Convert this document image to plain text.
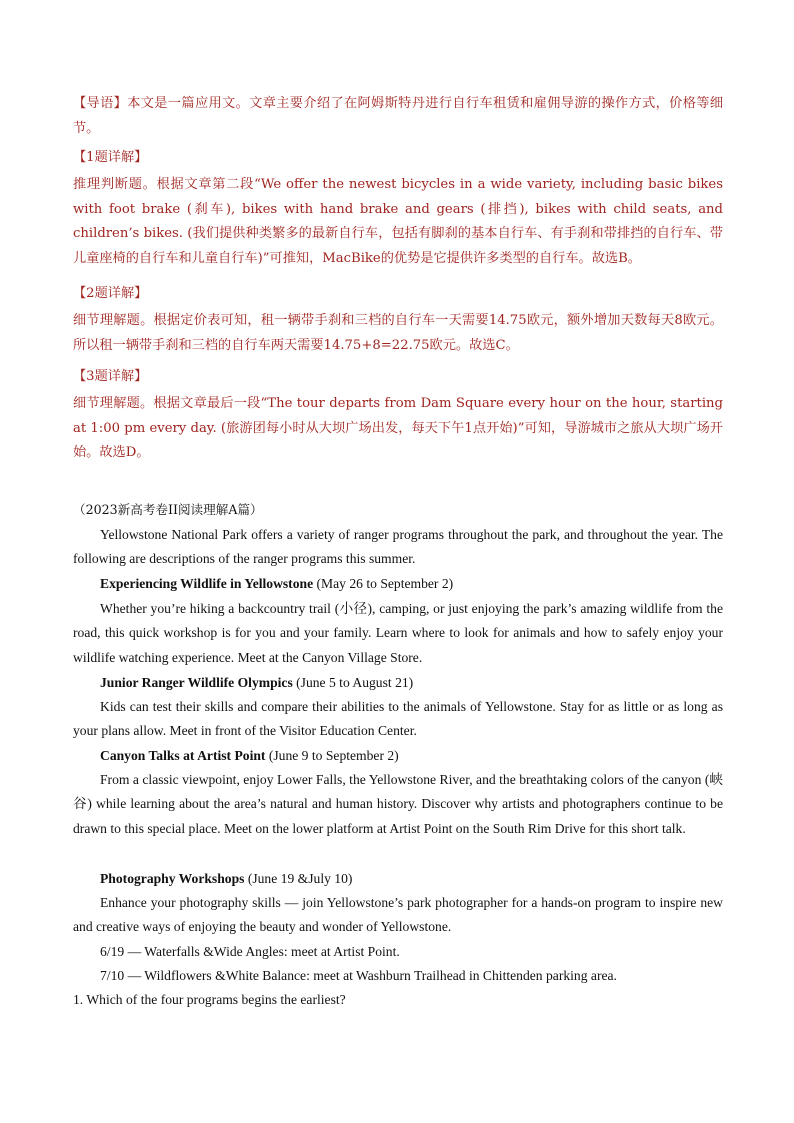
【导语】本文是一篇应用文。文章主要介绍了在阿姆斯特丹进行自行车租赁和雇佣导游的操作方式，价格等细节。
【1题详解】
推理判断题。根据文章第二段“We offer the newest bicycles in a wide variety, including basic bikes with foot brake (刹车), bikes with hand brake and gears (排挡), bikes with child seats, and children’s bikes. (我们提供种类繁多的最新自行车，包括有脚刹的基本自行车、有手刹和带排挡的自行车、带儿童座椅的自行车和儿童自行车)”可推知，MacBike的优势是它提供许多类型的自行车。故选B。
【2题详解】
细节理解题。根据定价表可知，租一辆带手刹和三档的自行车一天需要14.75欧元，额外增加天数每天8欧元。所以租一辆带手刹和三档的自行车两天需要14.75+8=22.75欧元。故选C。
【3题详解】
细节理解题。根据文章最后一段“The tour departs from Dam Square every hour on the hour, starting at 1:00 pm every day. (旅游团每小时从大坝广场出发，每天下午1点开始)”可知，导游城市之旅从大坝广场开始。故选D。
（2023新高考卷II阅读理解A篇）
Yellowstone National Park offers a variety of ranger programs throughout the park, and throughout the year. The following are descriptions of the ranger programs this summer.
Experiencing Wildlife in Yellowstone (May 26 to September 2)
Whether you’re hiking a backcountry trail (小径), camping, or just enjoying the park’s amazing wildlife from the road, this quick workshop is for you and your family. Learn where to look for animals and how to safely enjoy your wildlife watching experience. Meet at the Canyon Village Store.
Junior Ranger Wildlife Olympics (June 5 to August 21)
Kids can test their skills and compare their abilities to the animals of Yellowstone. Stay for as little or as long as your plans allow. Meet in front of the Visitor Education Center.
Canyon Talks at Artist Point (June 9 to September 2)
From a classic viewpoint, enjoy Lower Falls, the Yellowstone River, and the breathtaking colors of the canyon (峡谷) while learning about the area’s natural and human history. Discover why artists and photographers continue to be drawn to this special place. Meet on the lower platform at Artist Point on the South Rim Drive for this short talk.
Photography Workshops (June 19 &July 10)
Enhance your photography skills — join Yellowstone’s park photographer for a hands-on program to inspire new and creative ways of enjoying the beauty and wonder of Yellowstone.
6/19 — Waterfalls &Wide Angles: meet at Artist Point.
7/10 — Wildflowers &White Balance: meet at Washburn Trailhead in Chittenden parking area.
1. Which of the four programs begins the earliest?
